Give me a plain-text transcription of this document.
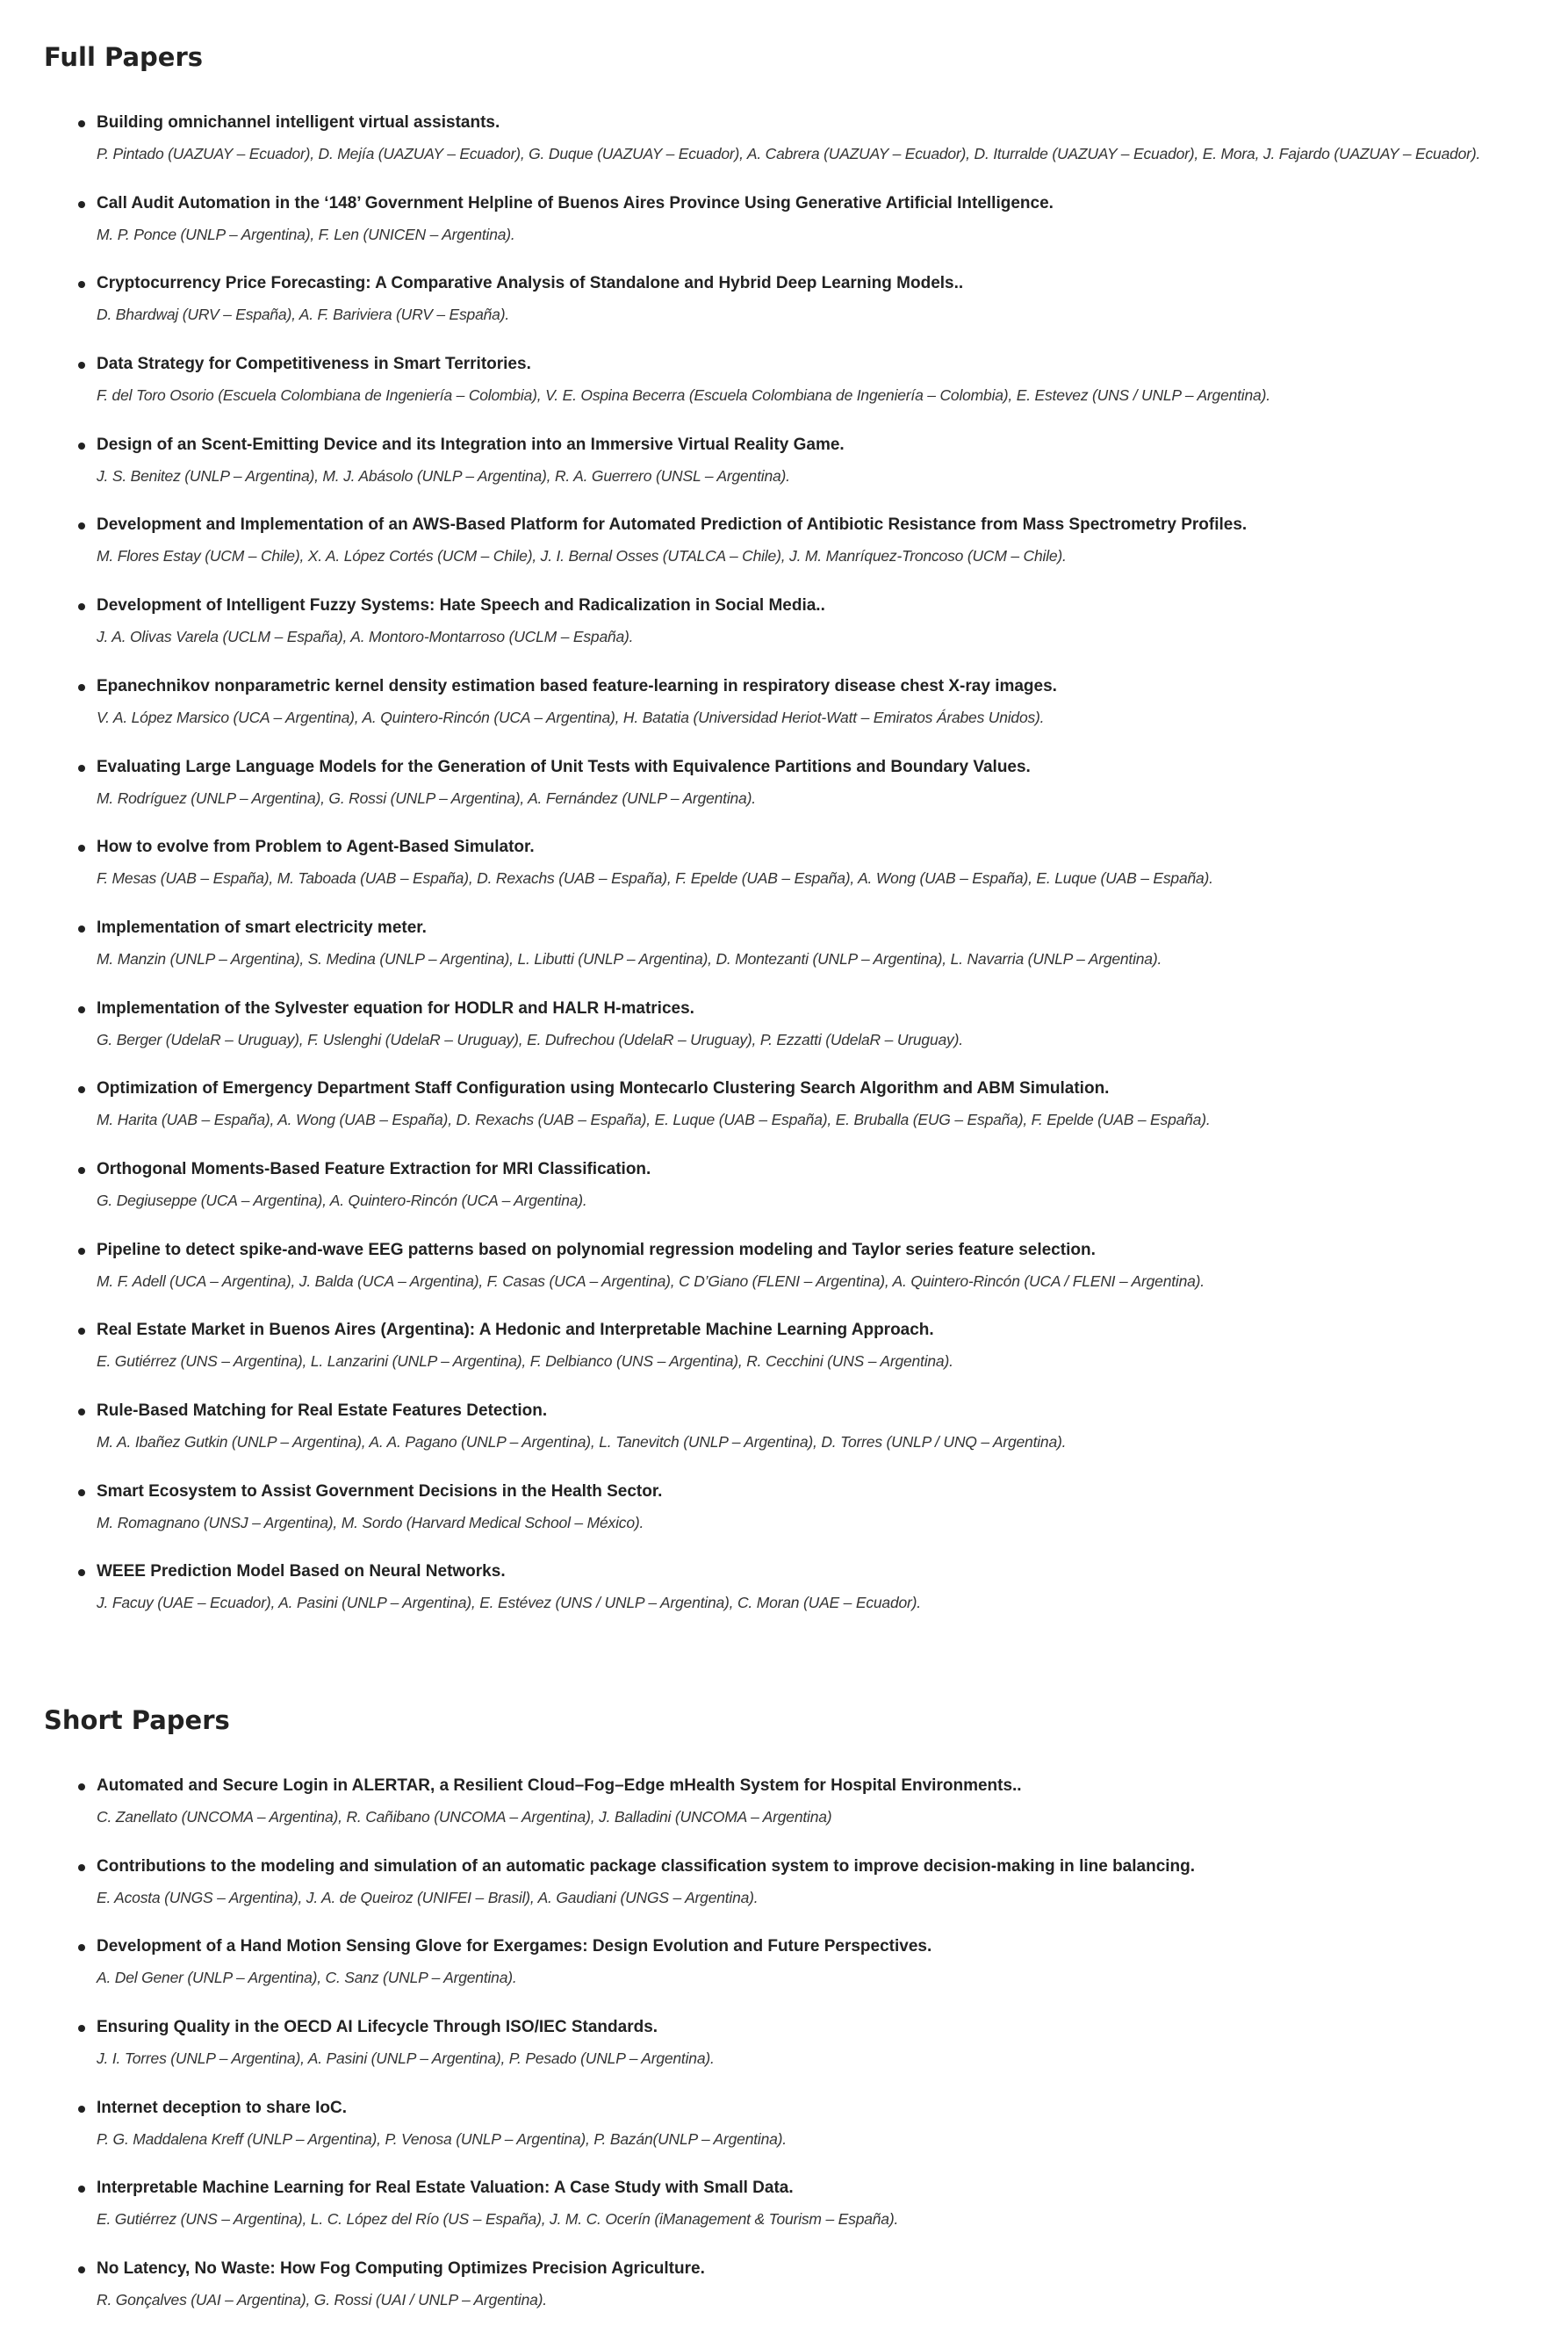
Full Papers
Building omnichannel intelligent virtual assistants.
P. Pintado (UAZUAY – Ecuador), D. Mejía (UAZUAY – Ecuador), G. Duque (UAZUAY – Ecuador), A. Cabrera (UAZUAY – Ecuador), D. Iturralde (UAZUAY – Ecuador), E. Mora, J. Fajardo (UAZUAY – Ecuador).
Call Audit Automation in the ‘148’ Government Helpline of Buenos Aires Province Using Generative Artificial Intelligence.
M. P. Ponce (UNLP – Argentina), F. Len (UNICEN – Argentina).
Cryptocurrency Price Forecasting: A Comparative Analysis of Standalone and Hybrid Deep Learning Models..
D. Bhardwaj (URV – España), A. F. Bariviera (URV – España).
Data Strategy for Competitiveness in Smart Territories.
F. del Toro Osorio (Escuela Colombiana de Ingeniería – Colombia), V. E. Ospina Becerra (Escuela Colombiana de Ingeniería – Colombia), E. Estevez (UNS / UNLP – Argentina).
Design of an Scent-Emitting Device and its Integration into an Immersive Virtual Reality Game.
J. S. Benitez (UNLP – Argentina), M. J. Abásolo (UNLP – Argentina), R. A. Guerrero (UNSL – Argentina).
Development and Implementation of an AWS-Based Platform for Automated Prediction of Antibiotic Resistance from Mass Spectrometry Profiles.
M. Flores Estay (UCM – Chile), X. A. López Cortés (UCM – Chile), J. I. Bernal Osses (UTALCA – Chile), J. M. Manríquez-Troncoso (UCM – Chile).
Development of Intelligent Fuzzy Systems: Hate Speech and Radicalization in Social Media..
J. A. Olivas Varela (UCLM – España), A. Montoro-Montarroso (UCLM – España).
Epanechnikov nonparametric kernel density estimation based feature-learning in respiratory disease chest X-ray images.
V. A. López Marsico (UCA – Argentina), A. Quintero-Rincón (UCA – Argentina), H. Batatia (Universidad Heriot-Watt – Emiratos Árabes Unidos).
Evaluating Large Language Models for the Generation of Unit Tests with Equivalence Partitions and Boundary Values.
M. Rodríguez (UNLP – Argentina), G. Rossi (UNLP – Argentina), A. Fernández (UNLP – Argentina).
How to evolve from Problem to Agent-Based Simulator.
F. Mesas (UAB – España), M. Taboada (UAB – España), D. Rexachs (UAB – España), F. Epelde (UAB – España), A. Wong (UAB – España), E. Luque (UAB – España).
Implementation of smart electricity meter.
M. Manzin (UNLP – Argentina), S. Medina (UNLP – Argentina), L. Libutti (UNLP – Argentina), D. Montezanti (UNLP – Argentina), L. Navarria (UNLP – Argentina).
Implementation of the Sylvester equation for HODLR and HALR H-matrices.
G. Berger (UdelaR – Uruguay), F. Uslenghi (UdelaR – Uruguay), E. Dufrechou (UdelaR – Uruguay), P. Ezzatti (UdelaR – Uruguay).
Optimization of Emergency Department Staff Configuration using Montecarlo Clustering Search Algorithm and ABM Simulation.
M. Harita (UAB – España), A. Wong (UAB – España), D. Rexachs (UAB – España), E. Luque (UAB – España), E. Bruballa (EUG – España), F. Epelde (UAB – España).
Orthogonal Moments-Based Feature Extraction for MRI Classification.
G. Degiuseppe (UCA – Argentina), A. Quintero-Rincón (UCA – Argentina).
Pipeline to detect spike-and-wave EEG patterns based on polynomial regression modeling and Taylor series feature selection.
M. F. Adell (UCA – Argentina), J. Balda (UCA – Argentina), F. Casas (UCA – Argentina), C D’Giano (FLENI – Argentina), A. Quintero-Rincón (UCA / FLENI – Argentina).
Real Estate Market in Buenos Aires (Argentina): A Hedonic and Interpretable Machine Learning Approach.
E. Gutiérrez (UNS – Argentina), L. Lanzarini (UNLP – Argentina), F. Delbianco (UNS – Argentina), R. Cecchini (UNS – Argentina).
Rule-Based Matching for Real Estate Features Detection.
M. A. Ibañez Gutkin (UNLP – Argentina), A. A. Pagano (UNLP – Argentina), L. Tanevitch (UNLP – Argentina), D. Torres (UNLP / UNQ – Argentina).
Smart Ecosystem to Assist Government Decisions in the Health Sector.
M. Romagnano (UNSJ – Argentina), M. Sordo (Harvard Medical School – México).
WEEE Prediction Model Based on Neural Networks.
J. Facuy (UAE – Ecuador), A. Pasini (UNLP – Argentina), E. Estévez (UNS / UNLP – Argentina), C. Moran (UAE – Ecuador).
Short Papers
Automated and Secure Login in ALERTAR, a Resilient Cloud–Fog–Edge mHealth System for Hospital Environments..
C. Zanellato (UNCOMA – Argentina), R. Cañibano (UNCOMA – Argentina), J. Balladini (UNCOMA – Argentina)
Contributions to the modeling and simulation of an automatic package classification system to improve decision-making in line balancing.
E. Acosta (UNGS – Argentina), J. A. de Queiroz (UNIFEI – Brasil), A. Gaudiani (UNGS – Argentina).
Development of a Hand Motion Sensing Glove for Exergames: Design Evolution and Future Perspectives.
A. Del Gener (UNLP – Argentina), C. Sanz (UNLP – Argentina).
Ensuring Quality in the OECD AI Lifecycle Through ISO/IEC Standards.
J. I. Torres (UNLP – Argentina), A. Pasini (UNLP – Argentina), P. Pesado (UNLP – Argentina).
Internet deception to share IoC.
P. G. Maddalena Kreff (UNLP – Argentina), P. Venosa (UNLP – Argentina), P. Bazán(UNLP – Argentina).
Interpretable Machine Learning for Real Estate Valuation: A Case Study with Small Data.
E. Gutiérrez (UNS – Argentina), L. C. López del Río (US – España), J. M. C. Ocerín (iManagement & Tourism – España).
No Latency, No Waste: How Fog Computing Optimizes Precision Agriculture.
R. Gonçalves (UAI – Argentina), G. Rossi (UAI / UNLP – Argentina).
